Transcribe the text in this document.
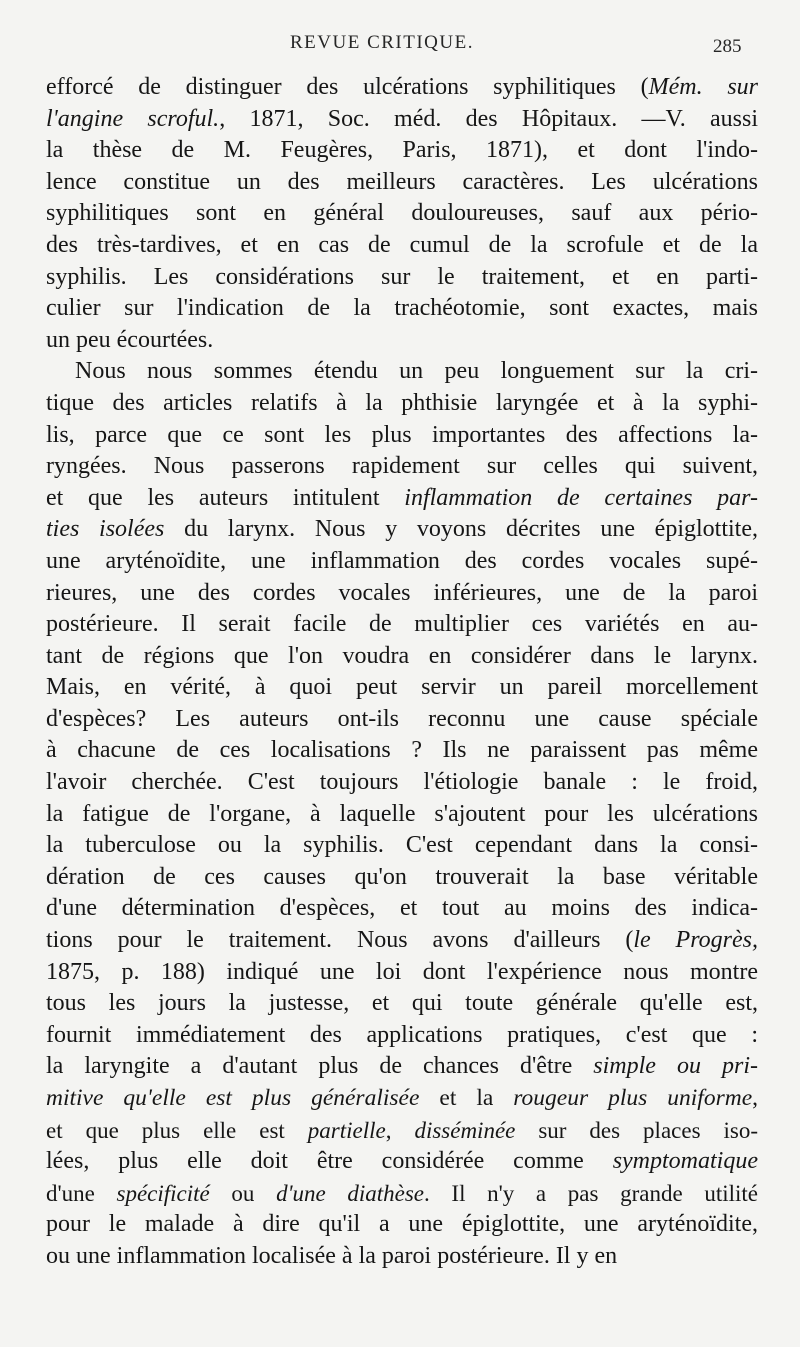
REVUE CRITIQUE.	285
efforcé de distinguer des ulcérations syphilitiques (Mém. sur
l'angine scroful., 1871, Soc. méd. des Hôpitaux. —V. aussi
la thèse de M. Feugères, Paris, 1871), et dont l'indo-
lence constitue un des meilleurs caractères. Les ulcérations
syphilitiques sont en général douloureuses, sauf aux pério-
des très-tardives, et en cas de cumul de la scrofule et de la
syphilis. Les considérations sur le traitement, et en parti-
culier sur l'indication de la trachéotomie, sont exactes, mais
un peu écourtées.
Nous nous sommes étendu un peu longuement sur la cri-
tique des articles relatifs à la phthisie laryngée et à la syphi-
lis, parce que ce sont les plus importantes des affections la-
ryngées. Nous passerons rapidement sur celles qui suivent,
et que les auteurs intitulent inflammation de certaines par-
ties isolées du larynx. Nous y voyons décrites une épiglottite,
une aryténoïdite, une inflammation des cordes vocales supé-
rieures, une des cordes vocales inférieures, une de la paroi
postérieure. Il serait facile de multiplier ces variétés en au-
tant de régions que l'on voudra en considérer dans le larynx.
Mais, en vérité, à quoi peut servir un pareil morcellement
d'espèces? Les auteurs ont-ils reconnu une cause spéciale
à chacune de ces localisations ? Ils ne paraissent pas même
l'avoir cherchée. C'est toujours l'étiologie banale : le froid,
la fatigue de l'organe, à laquelle s'ajoutent pour les ulcérations
la tuberculose ou la syphilis. C'est cependant dans la consi-
dération de ces causes qu'on trouverait la base véritable
d'une détermination d'espèces, et tout au moins des indica-
tions pour le traitement. Nous avons d'ailleurs (le Progrès,
1875, p. 188) indiqué une loi dont l'expérience nous montre
tous les jours la justesse, et qui toute générale qu'elle est,
fournit immédiatement des applications pratiques, c'est que :
la laryngite a d'autant plus de chances d'être simple ou pri-
mitive qu'elle est plus généralisée et la rougeur plus uniforme,
et que plus elle est partielle, disséminée sur des places iso-
lées, plus elle doit être considérée comme symptomatique
d'une spécificité ou d'une diathèse. Il n'y a pas grande utilité
pour le malade à dire qu'il a une épiglottite, une aryténoïdite,
ou une inflammation localisée à la paroi postérieure. Il y en
